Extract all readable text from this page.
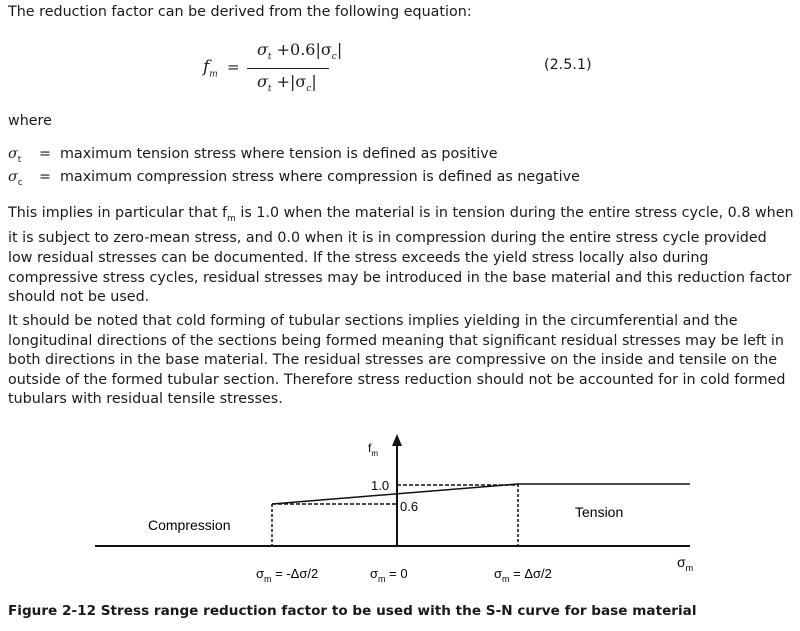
The reduction factor can be derived from the following equation:
$f_m$ =
$\sigma_t +0.6|\sigma_c|$
$\sigma_t +|\sigma_c|$
(2.5.1)
where
$\sigma_t$ = maximum tension stress where tension is defined as positive
$\sigma_c$ = maximum compression stress where compression is defined as negative
This implies in particular that $f_m$ is 1.0 when the material is in tension during the entire stress cycle, 0.8 when it is subject to zero-mean stress, and 0.0 when it is in compression during the entire stress cycle provided low residual stresses can be documented. If the stress exceeds the yield stress locally also during compressive stress cycles, residual stresses may be introduced in the base material and this reduction factor should not be used.
It should be noted that cold forming of tubular sections implies yielding in the circumferential and the longitudinal directions of the sections being formed meaning that significant residual stresses may be left in both directions in the base material. The residual stresses are compressive on the inside and tensile on the outside of the formed tubular section. Therefore stress reduction should not be accounted for in cold formed tubulars with residual tensile stresses.
$f_m$
1.0
0.6
Compression
Tension
$\sigma_m$
$\sigma_m = -\Delta\sigma/2$	$\sigma_m = 0$	$\sigma_m = \Delta\sigma/2$
Figure 2-12 Stress range reduction factor to be used with the S-N curve for base material
